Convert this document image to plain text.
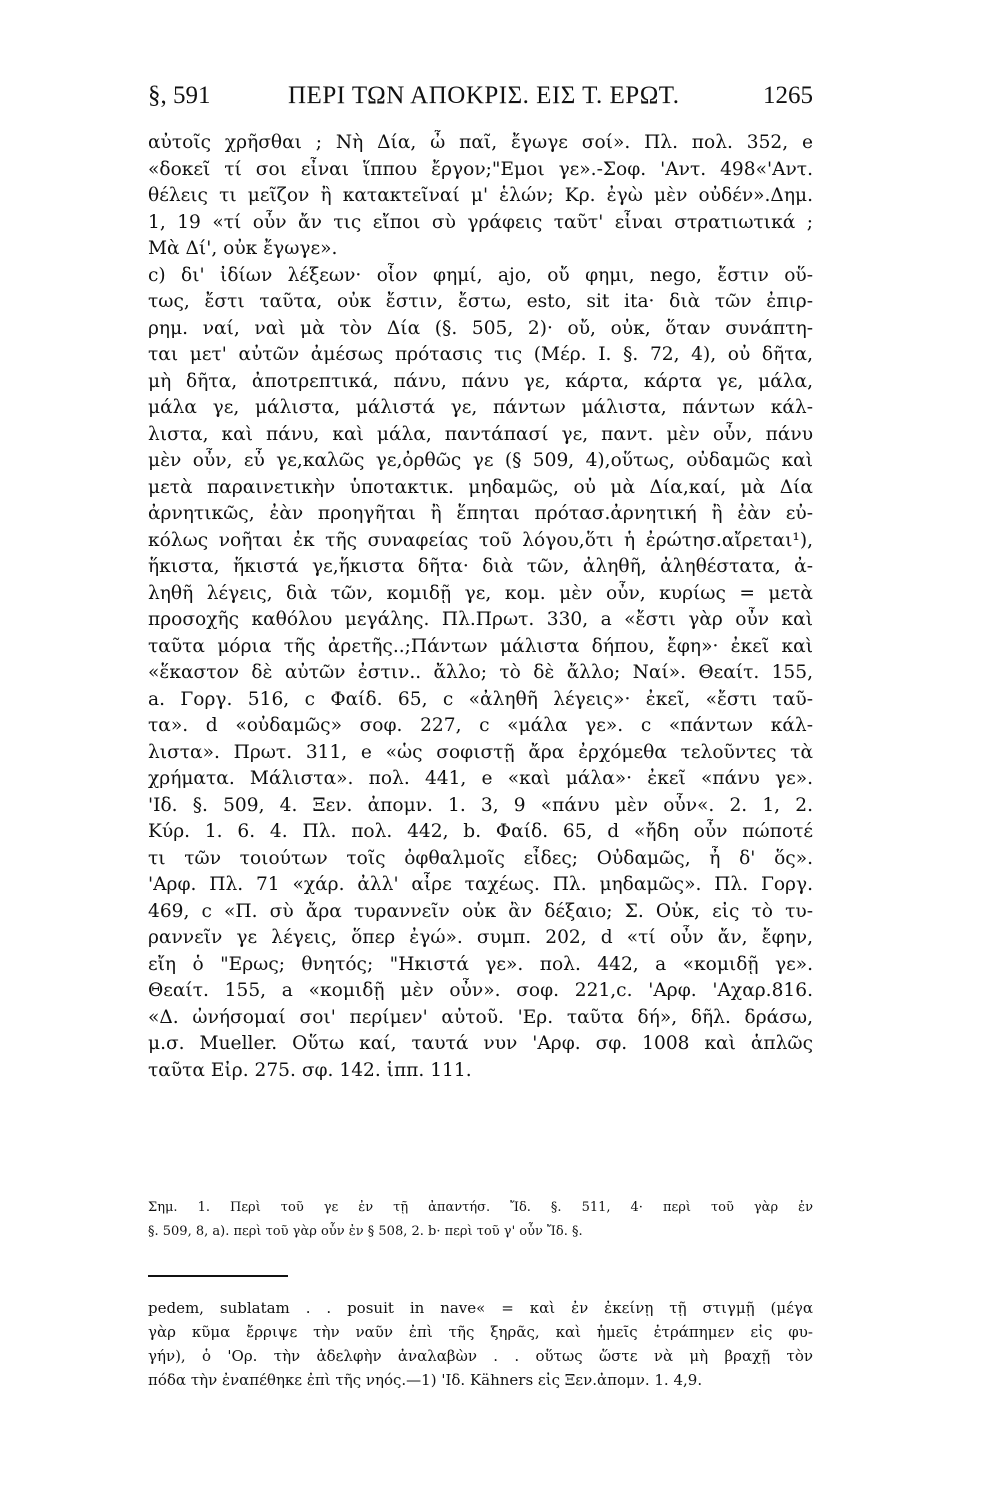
§, 591	ΠΕΡΙ ΤΩΝ ΑΠΟΚΡΙΣ. ΕΙΣ Τ. ΕΡΩΤ.	1265
αὐτοῖς χρῆσθαι ; Νὴ Δία, ὦ παῖ, ἔγωγε σοί». Πλ. πολ. 352, e
«δοκεῖ τί σοι εἶναι ἵππου ἔργον;"Εμοι γε».-Σοφ. 'Αντ. 498«'Αντ.
θέλεις τι μεῖζον ἢ κατακτεῖναί μ' ἑλών; Κρ. ἐγὼ μὲν οὐδέν».Δημ.
1, 19 «τί οὖν ἄν τις εἴποι σὺ γράφεις ταῦτ' εἶναι στρατιωτικά ;
Μὰ Δί', οὐκ ἔγωγε».
c) δι' ἰδίων λέξεων· οἷον φημί, ajo, οὔ φημι, nego, ἔστιν οὕ-
τως, ἔστι ταῦτα, οὐκ ἔστιν, ἔστω, esto, sit ita· διὰ τῶν ἐπιρ-
ρημ. ναί, ναὶ μὰ τὸν Δία (§. 505, 2)· οὔ, οὐκ, ὅταν συνάπτη-
ται μετ' αὐτῶν ἀμέσως πρότασις τις (Μέρ. Ι. §. 72, 4), οὐ δῆτα,
μὴ δῆτα, ἀποτρεπτικά, πάνυ, πάνυ γε, κάρτα, κάρτα γε, μάλα,
μάλα γε, μάλιστα, μάλιστά γε, πάντων μάλιστα, πάντων κάλ-
λιστα, καὶ πάνυ, καὶ μάλα, παντάπασί γε, παντ. μὲν οὖν, πάνυ
μὲν οὖν, εὖ γε,καλῶς γε,ὀρθῶς γε (§ 509, 4),οὕτως, οὐδαμῶς καὶ
μετὰ παραινετικὴν ὑποτακτικ. μηδαμῶς, οὐ μὰ Δία,καί, μὰ Δία
ἀρνητικῶς, ἐὰν προηγῆται ἢ ἕπηται πρότασ.ἀρνητική ἢ ἐὰν εὐ-
κόλως νοῆται ἐκ τῆς συναφείας τοῦ λόγου,ὅτι ἡ ἐρώτησ.αἴρεται¹),
ἥκιστα, ἥκιστά γε,ἥκιστα δῆτα· διὰ τῶν, ἀληθῆ, ἀληθέστατα, ἀ-
ληθῆ λέγεις, διὰ τῶν, κομιδῇ γε, κομ. μὲν οὖν, κυρίως = μετὰ
προσοχῆς καθόλου μεγάλης. Πλ.Πρωτ. 330, a «ἔστι γὰρ οὖν καὶ
ταῦτα μόρια τῆς ἀρετῆς..;Πάντων μάλιστα δήπου, ἔφη»· ἐκεῖ καὶ
«ἕκαστον δὲ αὐτῶν ἐστιν.. ἄλλο; τὸ δὲ ἄλλο; Ναί». Θεαίτ. 155,
a. Γοργ. 516, c Φαίδ. 65, c «ἀληθῆ λέγεις»· ἐκεῖ, «ἔστι ταῦ-
τα». d «οὐδαμῶς» σοφ. 227, c «μάλα γε». c «πάντων κάλ-
λιστα». Πρωτ. 311, e «ὡς σοφιστῇ ἄρα ἐρχόμεθα τελοῦντες τὰ
χρήματα. Μάλιστα». πολ. 441, e «καὶ μάλα»· ἐκεῖ «πάνυ γε».
'Ιδ. §. 509, 4. Ξεν. ἀπομν. 1. 3, 9 «πάνυ μὲν οὖν«. 2. 1, 2.
Κύρ. 1. 6. 4. Πλ. πολ. 442, b. Φαίδ. 65, d «ἤδη οὖν πώποτέ
τι τῶν τοιούτων τοῖς ὀφθαλμοῖς εἶδες; Οὐδαμῶς, ἦ δ' ὅς».
'Αρφ. Πλ. 71 «χάρ. ἀλλ' αἶρε ταχέως. Πλ. μηδαμῶς». Πλ. Γοργ.
469, c «Π. σὺ ἄρα τυραννεῖν οὐκ ἂν δέξαιο; Σ. Οὐκ, εἰς τὸ τυ-
ραννεῖν γε λέγεις, ὅπερ ἐγώ». συμπ. 202, d «τί οὖν ἄν, ἔφην,
εἴη ὁ "Ερως; θνητός; "Ηκιστά γε». πολ. 442, a «κομιδῇ γε».
Θεαίτ. 155, a «κομιδῇ μὲν οὖν». σοφ. 221,c. 'Αρφ. 'Αχαρ.816.
«Δ. ὠνήσομαί σοι' περίμεν' αὐτοῦ. 'Ερ. ταῦτα δή», δῆλ. δράσω,
μ.σ. Mueller. Οὕτω καί, ταυτά νυν 'Αρφ. σφ. 1008 καὶ ἁπλῶς
ταῦτα Εἰρ. 275. σφ. 142. ἱππ. 111.
Σημ. 1. Περὶ τοῦ γε ἐν τῇ ἀπαντήσ. Ἴδ. §. 511, 4· περὶ τοῦ γὰρ ἐν
§. 509, 8, a). περὶ τοῦ γὰρ οὖν ἐν § 508, 2. b· περὶ τοῦ γ' οὖν Ἴδ. §.
pedem, sublatam . . posuit in nave« = καὶ ἐν ἐκείνῃ τῇ στιγμῇ (μέγα
γὰρ κῦμα ἔρριψε τὴν ναῦν ἐπὶ τῆς ξηρᾶς, καὶ ἡμεῖς ἐτράπημεν εἰς φυ-
γήν), ὁ 'Ορ. τὴν ἀδελφὴν ἀναλαβὼν . . οὕτως ὥστε νὰ μὴ βραχῇ τὸν
πόδα τὴν ἐναπέθηκε ἐπὶ τῆς νηός.—1) 'Ιδ. Kähners εἰς Ξεν.ἀπομν. 1. 4,9.
